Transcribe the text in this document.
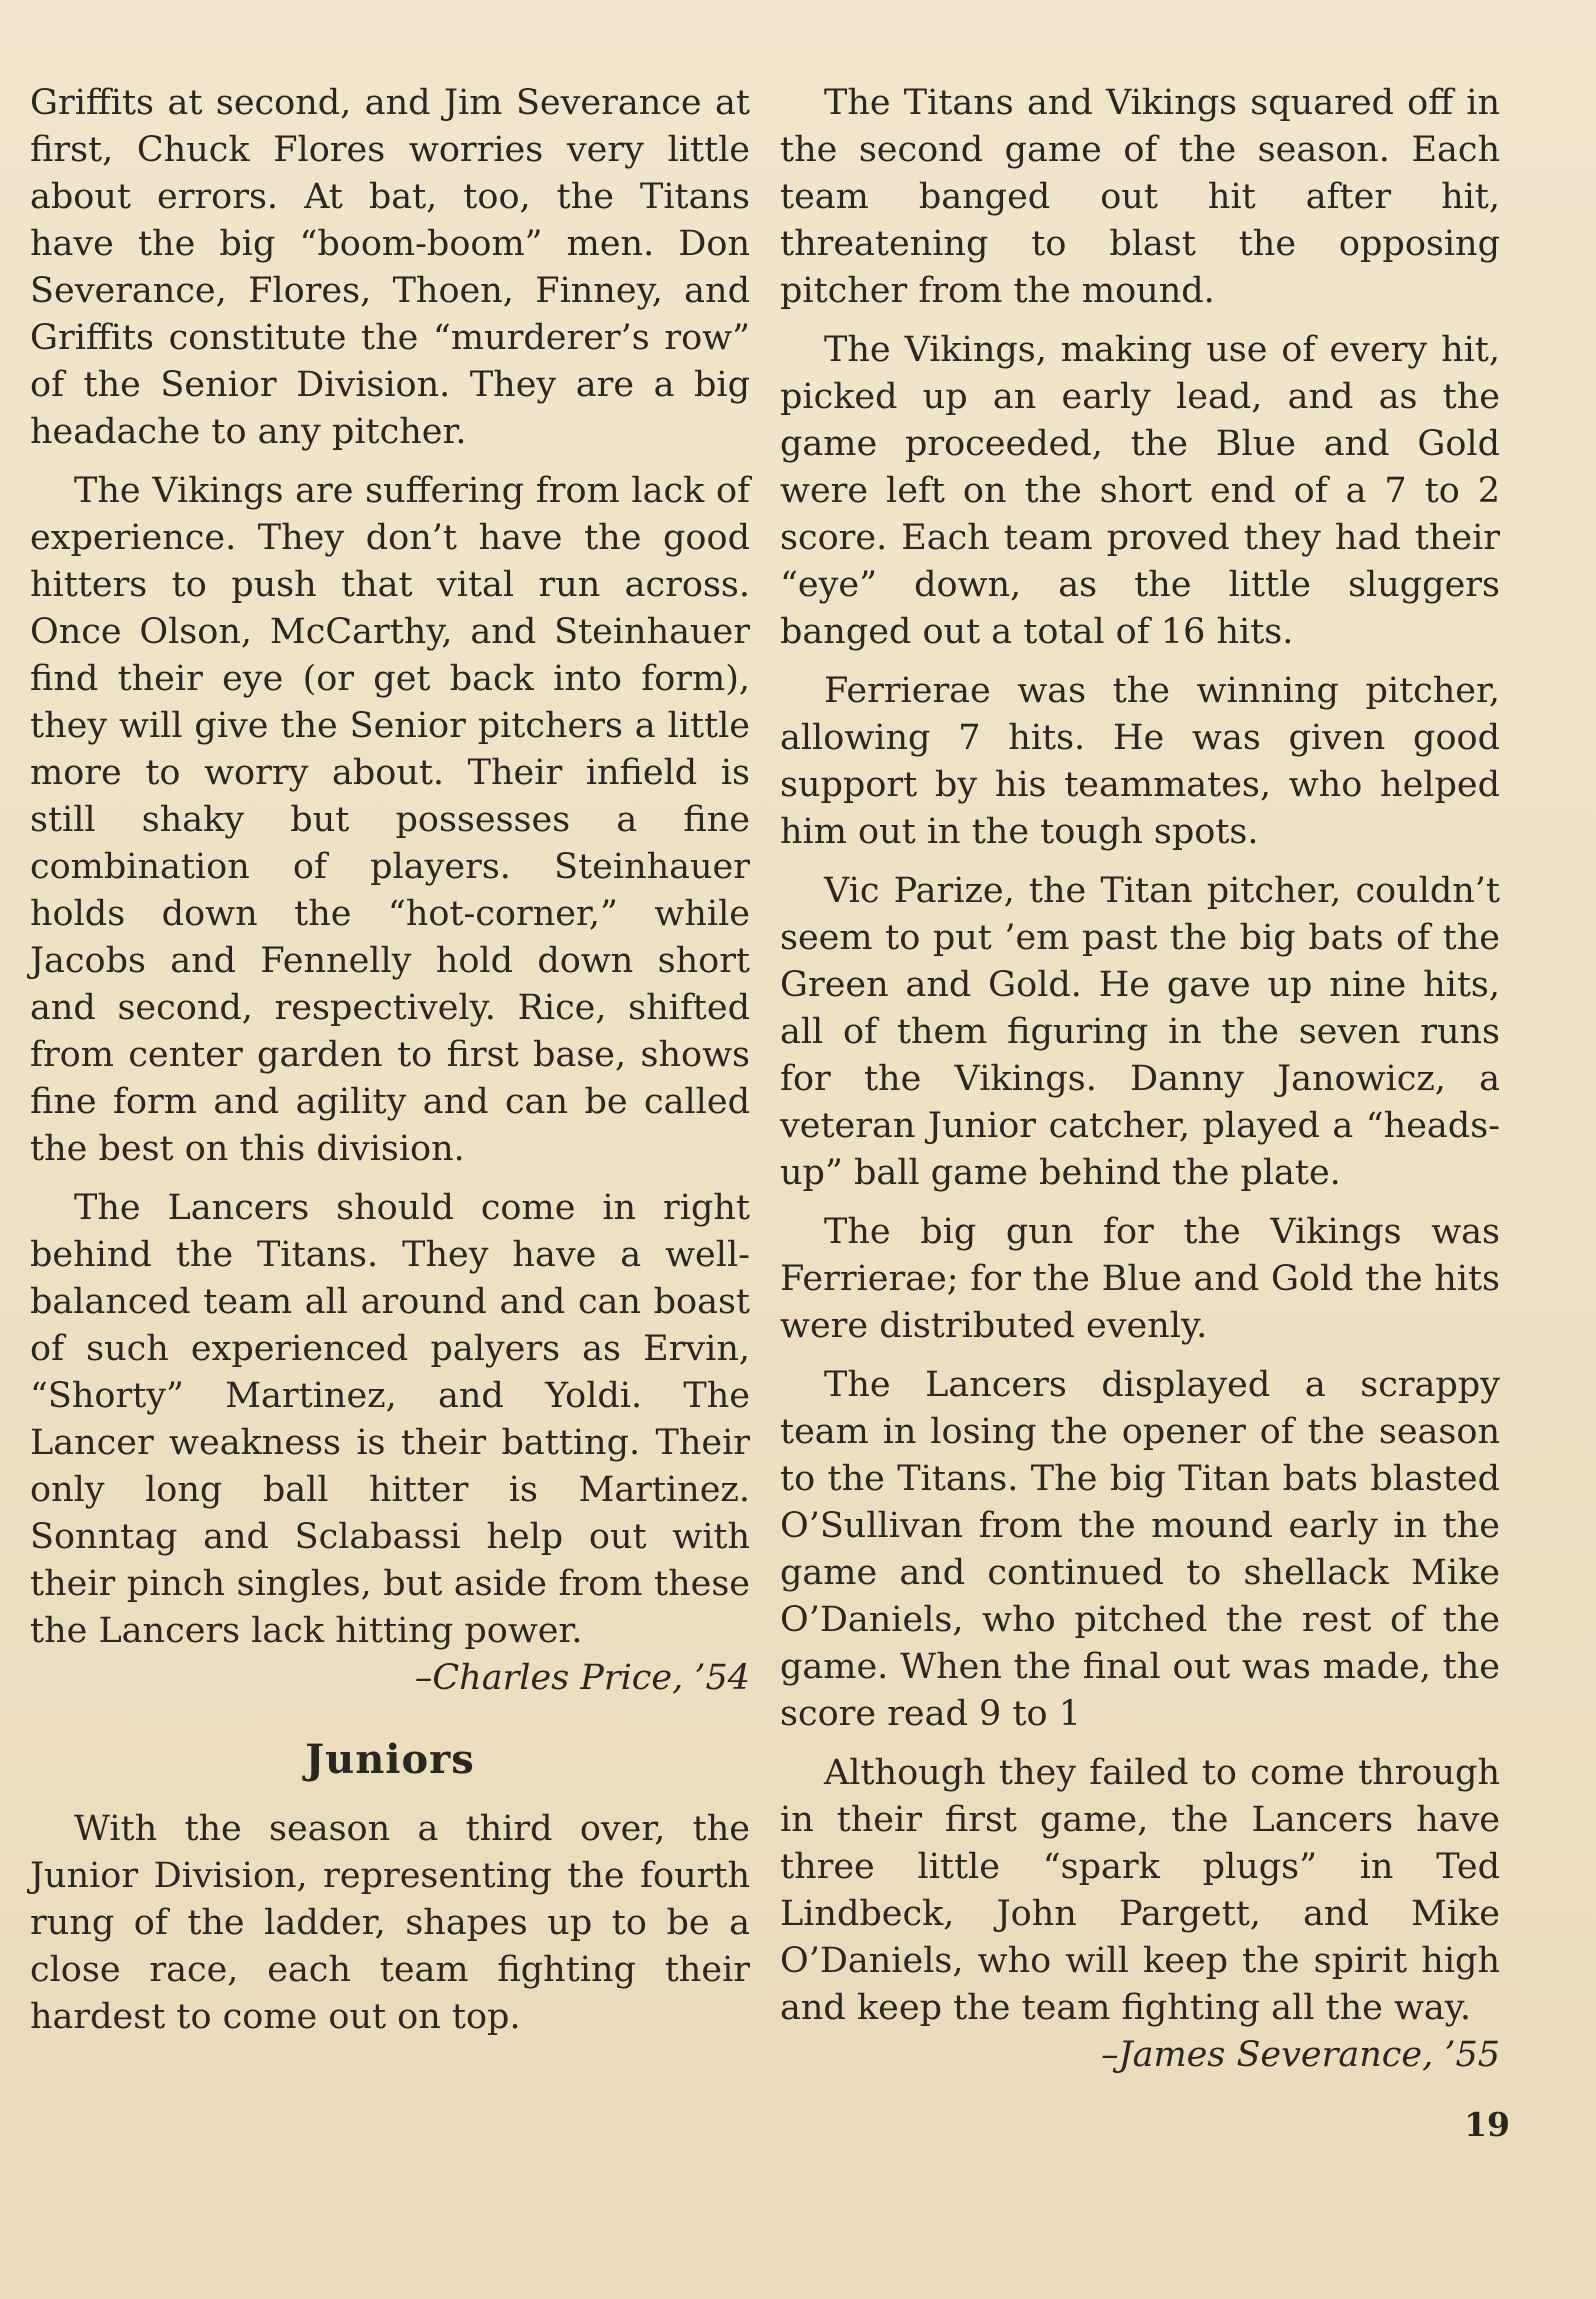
Griffits at second, and Jim Severance at first, Chuck Flores worries very little about errors. At bat, too, the Titans have the big “boom-boom” men. Don Severance, Flores, Thoen, Finney, and Griffits constitute the “murderer’s row” of the Senior Division. They are a big headache to any pitcher.

The Vikings are suffering from lack of experience. They don’t have the good hitters to push that vital run across. Once Olson, McCarthy, and Steinhauer find their eye (or get back into form), they will give the Senior pitchers a little more to worry about. Their infield is still shaky but possesses a fine combination of players. Steinhauer holds down the “hot-corner,” while Jacobs and Fennelly hold down short and second, respectively. Rice, shifted from center garden to first base, shows fine form and agility and can be called the best on this division.

The Lancers should come in right behind the Titans. They have a well-balanced team all around and can boast of such experienced palyers as Ervin, “Shorty” Martinez, and Yoldi. The Lancer weakness is their batting. Their only long ball hitter is Martinez. Sonntag and Sclabassi help out with their pinch singles, but aside from these the Lancers lack hitting power.
–Charles Price, ’54

Juniors

With the season a third over, the Junior Division, representing the fourth rung of the ladder, shapes up to be a close race, each team fighting their hardest to come out on top.

The Titans and Vikings squared off in the second game of the season. Each team banged out hit after hit, threatening to blast the opposing pitcher from the mound.

The Vikings, making use of every hit, picked up an early lead, and as the game proceeded, the Blue and Gold were left on the short end of a 7 to 2 score. Each team proved they had their “eye” down, as the little sluggers banged out a total of 16 hits.

Ferrierae was the winning pitcher, allowing 7 hits. He was given good support by his teammates, who helped him out in the tough spots.

Vic Parize, the Titan pitcher, couldn’t seem to put ’em past the big bats of the Green and Gold. He gave up nine hits, all of them figuring in the seven runs for the Vikings. Danny Janowicz, a veteran Junior catcher, played a “heads-up” ball game behind the plate.

The big gun for the Vikings was Ferrierae; for the Blue and Gold the hits were distributed evenly.

The Lancers displayed a scrappy team in losing the opener of the season to the Titans. The big Titan bats blasted O’Sullivan from the mound early in the game and continued to shellack Mike O’Daniels, who pitched the rest of the game. When the final out was made, the score read 9 to 1

Although they failed to come through in their first game, the Lancers have three little “spark plugs” in Ted Lindbeck, John Pargett, and Mike O’Daniels, who will keep the spirit high and keep the team fighting all the way.
–James Severance, ’55

19
